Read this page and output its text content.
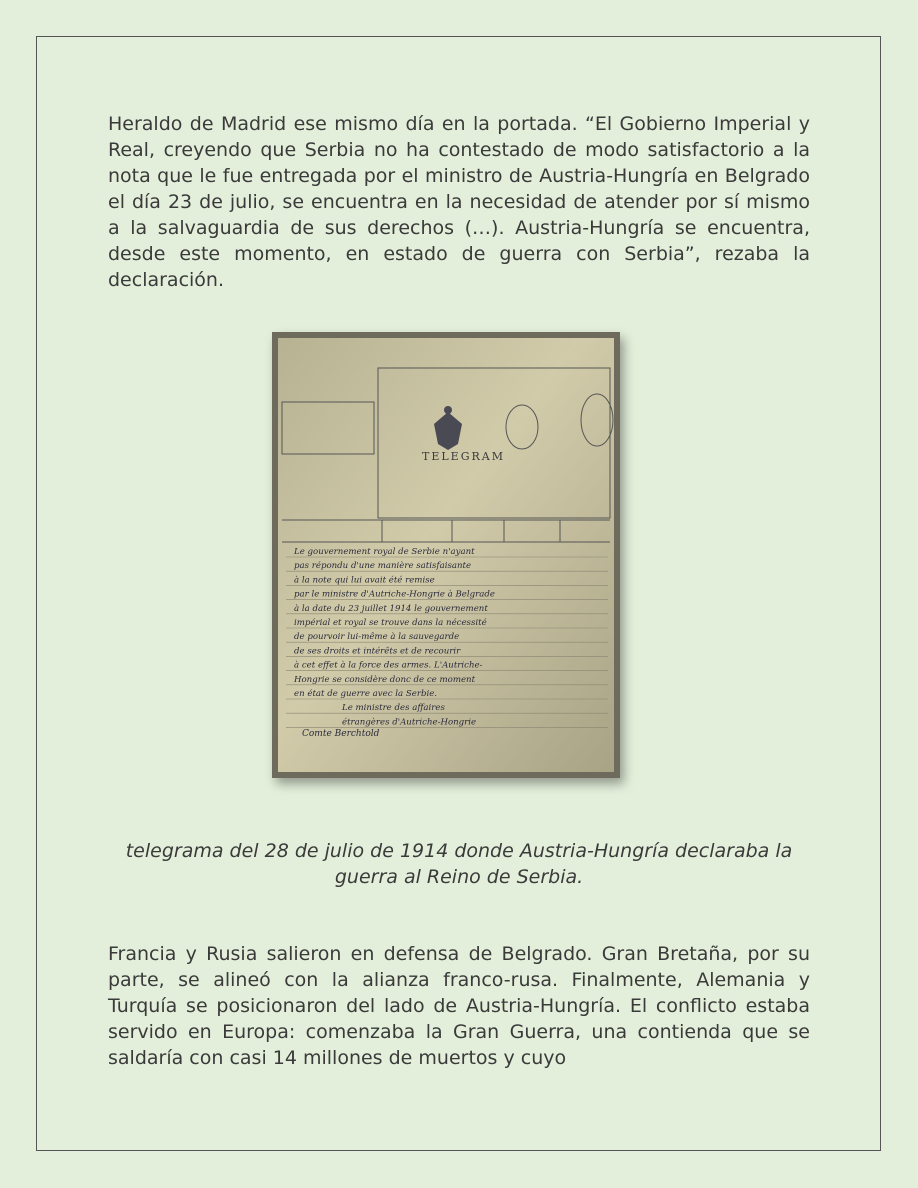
Heraldo de Madrid ese mismo día en la portada. “El Gobierno Imperial y Real, creyendo que Serbia no ha contestado de modo satisfactorio a la nota que le fue entregada por el ministro de Austria-Hungría en Belgrado el día 23 de julio, se encuentra en la necesidad de atender por sí mismo a la salvaguardia de sus derechos (…). Austria-Hungría se encuentra, desde este momento, en estado de guerra con Serbia”, rezaba la declaración.

TELEGRAM
Le gouvernement royal de Serbie n'ayant
pas répondu d'une manière satisfaisante
à la note qui lui avait été remise
par le ministre d'Autriche-Hongrie à Belgrade
à la date du 23 juillet 1914 le gouvernement
impérial et royal se trouve dans la nécessité
de pourvoir lui-même à la sauvegarde
de ses droits et intérêts et de recourir
à cet effet à la force des armes. L'Autriche-
Hongrie se considère donc de ce moment
en état de guerre avec la Serbie.
Le ministre des affaires
étrangères d'Autriche-Hongrie
Comte Berchtold

telegrama del 28 de julio de 1914 donde Austria-Hungría declaraba la guerra al Reino de Serbia.

Francia y Rusia salieron en defensa de Belgrado. Gran Bretaña, por su parte, se alineó con la alianza franco-rusa. Finalmente, Alemania y Turquía se posicionaron del lado de Austria-Hungría. El conflicto estaba servido en Europa: comenzaba la Gran Guerra, una contienda que se saldaría con casi 14 millones de muertos y cuyo
